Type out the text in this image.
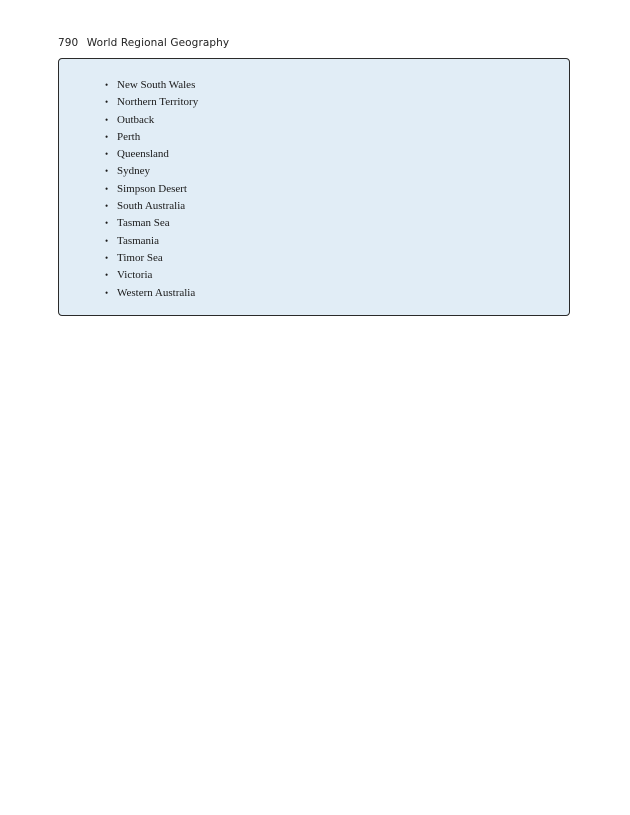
790 World Regional Geography
• New South Wales
• Northern Territory
• Outback
• Perth
• Queensland
• Sydney
• Simpson Desert
• South Australia
• Tasman Sea
• Tasmania
• Timor Sea
• Victoria
• Western Australia
